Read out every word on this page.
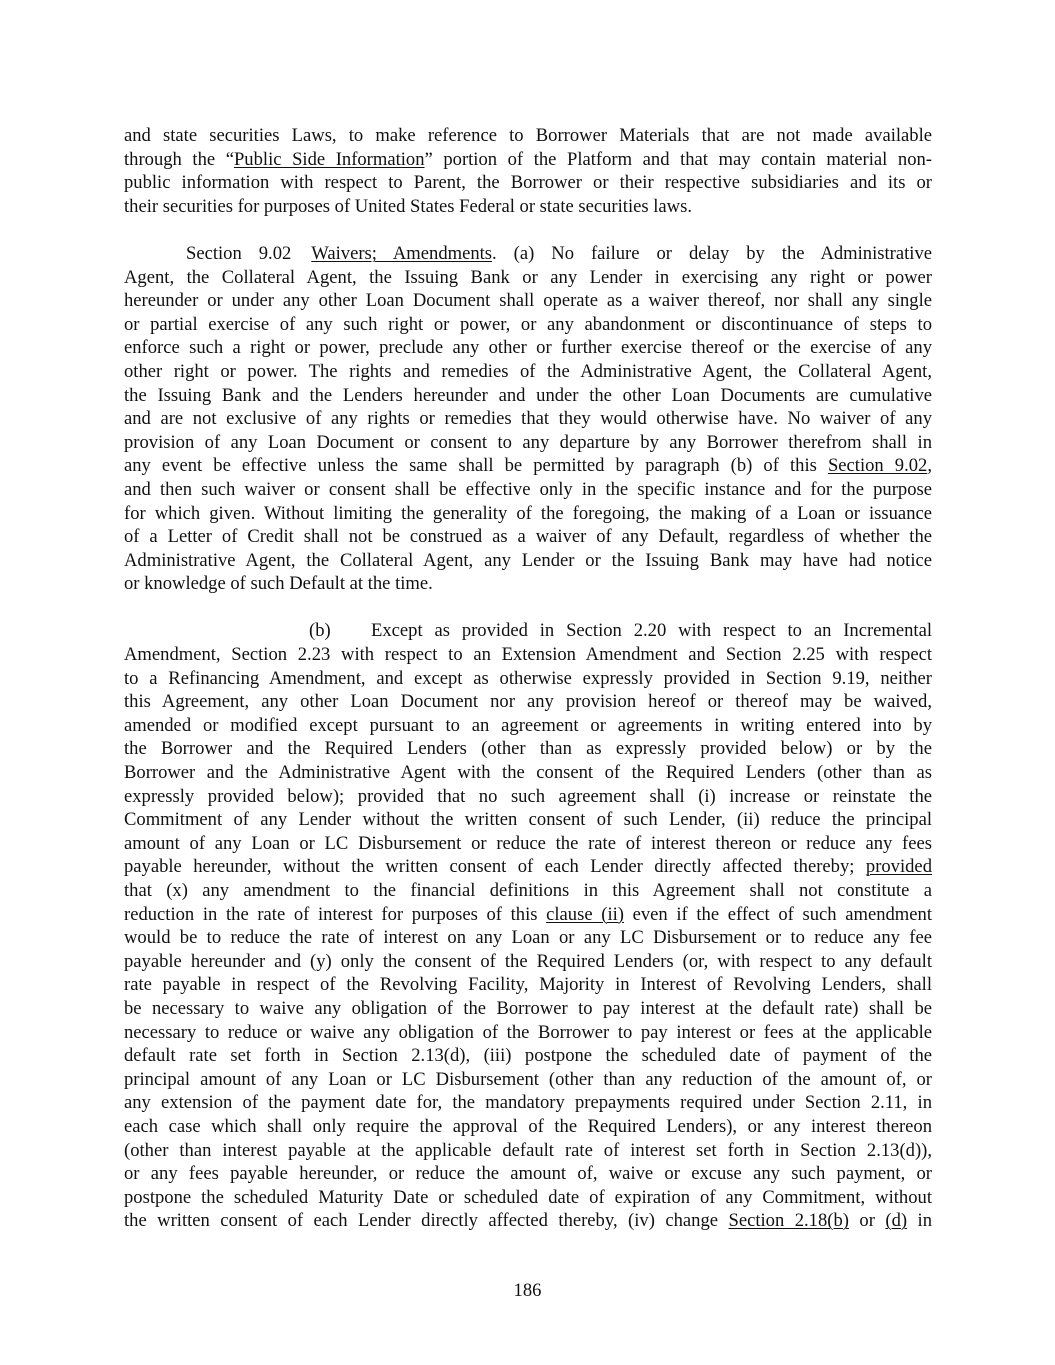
and state securities Laws, to make reference to Borrower Materials that are not made available
through the “Public Side Information” portion of the Platform and that may contain material non-
public information with respect to Parent, the Borrower or their respective subsidiaries and its or
their securities for purposes of United States Federal or state securities laws.
Section 9.02 Waivers; Amendments. (a) No failure or delay by the Administrative
Agent, the Collateral Agent, the Issuing Bank or any Lender in exercising any right or power
hereunder or under any other Loan Document shall operate as a waiver thereof, nor shall any single
or partial exercise of any such right or power, or any abandonment or discontinuance of steps to
enforce such a right or power, preclude any other or further exercise thereof or the exercise of any
other right or power. The rights and remedies of the Administrative Agent, the Collateral Agent,
the Issuing Bank and the Lenders hereunder and under the other Loan Documents are cumulative
and are not exclusive of any rights or remedies that they would otherwise have. No waiver of any
provision of any Loan Document or consent to any departure by any Borrower therefrom shall in
any event be effective unless the same shall be permitted by paragraph (b) of this Section 9.02,
and then such waiver or consent shall be effective only in the specific instance and for the purpose
for which given. Without limiting the generality of the foregoing, the making of a Loan or issuance
of a Letter of Credit shall not be construed as a waiver of any Default, regardless of whether the
Administrative Agent, the Collateral Agent, any Lender or the Issuing Bank may have had notice
or knowledge of such Default at the time.
(b) Except as provided in Section 2.20 with respect to an Incremental
Amendment, Section 2.23 with respect to an Extension Amendment and Section 2.25 with respect
to a Refinancing Amendment, and except as otherwise expressly provided in Section 9.19, neither
this Agreement, any other Loan Document nor any provision hereof or thereof may be waived,
amended or modified except pursuant to an agreement or agreements in writing entered into by
the Borrower and the Required Lenders (other than as expressly provided below) or by the
Borrower and the Administrative Agent with the consent of the Required Lenders (other than as
expressly provided below); provided that no such agreement shall (i) increase or reinstate the
Commitment of any Lender without the written consent of such Lender, (ii) reduce the principal
amount of any Loan or LC Disbursement or reduce the rate of interest thereon or reduce any fees
payable hereunder, without the written consent of each Lender directly affected thereby; provided
that (x) any amendment to the financial definitions in this Agreement shall not constitute a
reduction in the rate of interest for purposes of this clause (ii) even if the effect of such amendment
would be to reduce the rate of interest on any Loan or any LC Disbursement or to reduce any fee
payable hereunder and (y) only the consent of the Required Lenders (or, with respect to any default
rate payable in respect of the Revolving Facility, Majority in Interest of Revolving Lenders, shall
be necessary to waive any obligation of the Borrower to pay interest at the default rate) shall be
necessary to reduce or waive any obligation of the Borrower to pay interest or fees at the applicable
default rate set forth in Section 2.13(d), (iii) postpone the scheduled date of payment of the
principal amount of any Loan or LC Disbursement (other than any reduction of the amount of, or
any extension of the payment date for, the mandatory prepayments required under Section 2.11, in
each case which shall only require the approval of the Required Lenders), or any interest thereon
(other than interest payable at the applicable default rate of interest set forth in Section 2.13(d)),
or any fees payable hereunder, or reduce the amount of, waive or excuse any such payment, or
postpone the scheduled Maturity Date or scheduled date of expiration of any Commitment, without
the written consent of each Lender directly affected thereby, (iv) change Section 2.18(b) or (d) in
186
